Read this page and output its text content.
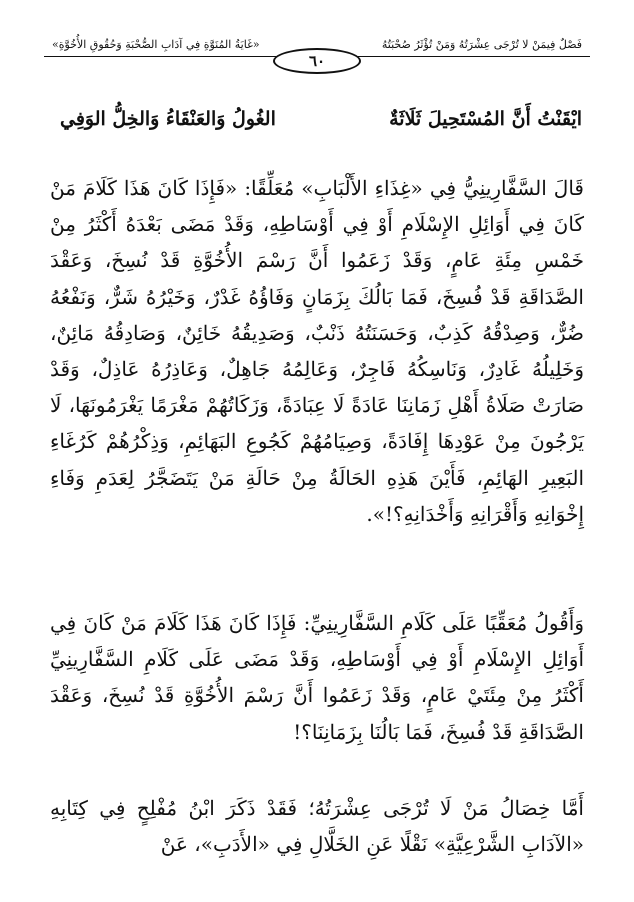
فَصْلٌ فِيمَنْ لا تُرْجَى عِشْرَتُهُ وَمَنْ تُؤْثَرُ صُحْبَتُهُ
«غَايَةُ المُنَوَّةِ فِي آدَابِ الصُّحْبَةِ وَحُقُوقِ الأُخُوَّةِ»
٦٠
ايْقَنْتُ أَنَّ المُسْتَحِيلَ ثَلَاثَةٌ
الغُولُ وَالعَنْقَاءُ وَالخِلُّ الوَفِي

قَالَ السَّفَّارِينِيُّ فِي «غِذَاءِ الأَلْبَابِ» مُعَلِّقًا: «فَإِذَا كَانَ هَذَا كَلَامَ مَنْ كَانَ فِي أَوَائِلِ الإِسْلَامِ أَوْ فِي أَوْسَاطِهِ، وَقَدْ مَضَى بَعْدَهُ أَكْثَرُ مِنْ خَمْسِ مِئَةِ عَامٍ، وَقَدْ زَعَمُوا أَنَّ رَسْمَ الأُخُوَّةِ قَدْ نُسِخَ، وَعَقْدَ الصَّدَاقَةِ قَدْ فُسِخَ، فَمَا بَالُكَ بِزَمَانٍ وَفَاؤُهُ غَدْرٌ، وَخَيْرُهُ شَرٌّ، وَنَفْعُهُ ضُرٌّ، وَصِدْقُهُ كَذِبٌ، وَحَسَنَتُهُ ذَنْبٌ، وَصَدِيقُهُ خَائِنٌ، وَصَادِقُهُ مَائِنٌ، وَخَلِيلُهُ غَادِرٌ، وَنَاسِكُهُ فَاجِرٌ، وَعَالِمُهُ جَاهِلٌ، وَعَاذِرُهُ عَاذِلٌ، وَقَدْ صَارَتْ صَلَاةُ أَهْلِ زَمَانِنَا عَادَةً لَا عِبَادَةً، وَزَكَاتُهُمْ مَغْرَمًا يَغْرَمُونَهَا، لَا يَرْجُونَ مِنْ عَوْدِهَا إِفَادَةً، وَصِيَامُهُمْ كَجُوعِ البَهَائِمِ، وَذِكْرُهُمْ كَرُغَاءِ البَعِيرِ الهَائِمِ، فَأَيْنَ هَذِهِ الحَالَةُ مِنْ حَالَةِ مَنْ يَتَضَجَّرُ لِعَدَمِ وَفَاءِ إِخْوَانِهِ وَأَقْرَانِهِ وَأَخْدَانِهِ؟!».

وَأَقُولُ مُعَقِّبًا عَلَى كَلَامِ السَّفَّارِينِيِّ: فَإِذَا كَانَ هَذَا كَلَامَ مَنْ كَانَ فِي أَوَائِلِ الإِسْلَامِ أَوْ فِي أَوْسَاطِهِ، وَقَدْ مَضَى عَلَى كَلَامِ السَّفَّارِينِيِّ أَكْثَرُ مِنْ مِئَتَيْ عَامٍ، وَقَدْ زَعَمُوا أَنَّ رَسْمَ الأُخُوَّةِ قَدْ نُسِخَ، وَعَقْدَ الصَّدَاقَةِ قَدْ فُسِخَ، فَمَا بَالُنَا بِزَمَانِنَا؟!

أَمَّا خِصَالُ مَنْ لَا تُرْجَى عِشْرَتُهُ؛ فَقَدْ ذَكَرَ ابْنُ مُفْلِحٍ فِي كِتَابِهِ «الآدَابِ الشَّرْعِيَّةِ» نَقْلًا عَنِ الخَلَّالِ فِي «الأَدَبِ»، عَنْ
